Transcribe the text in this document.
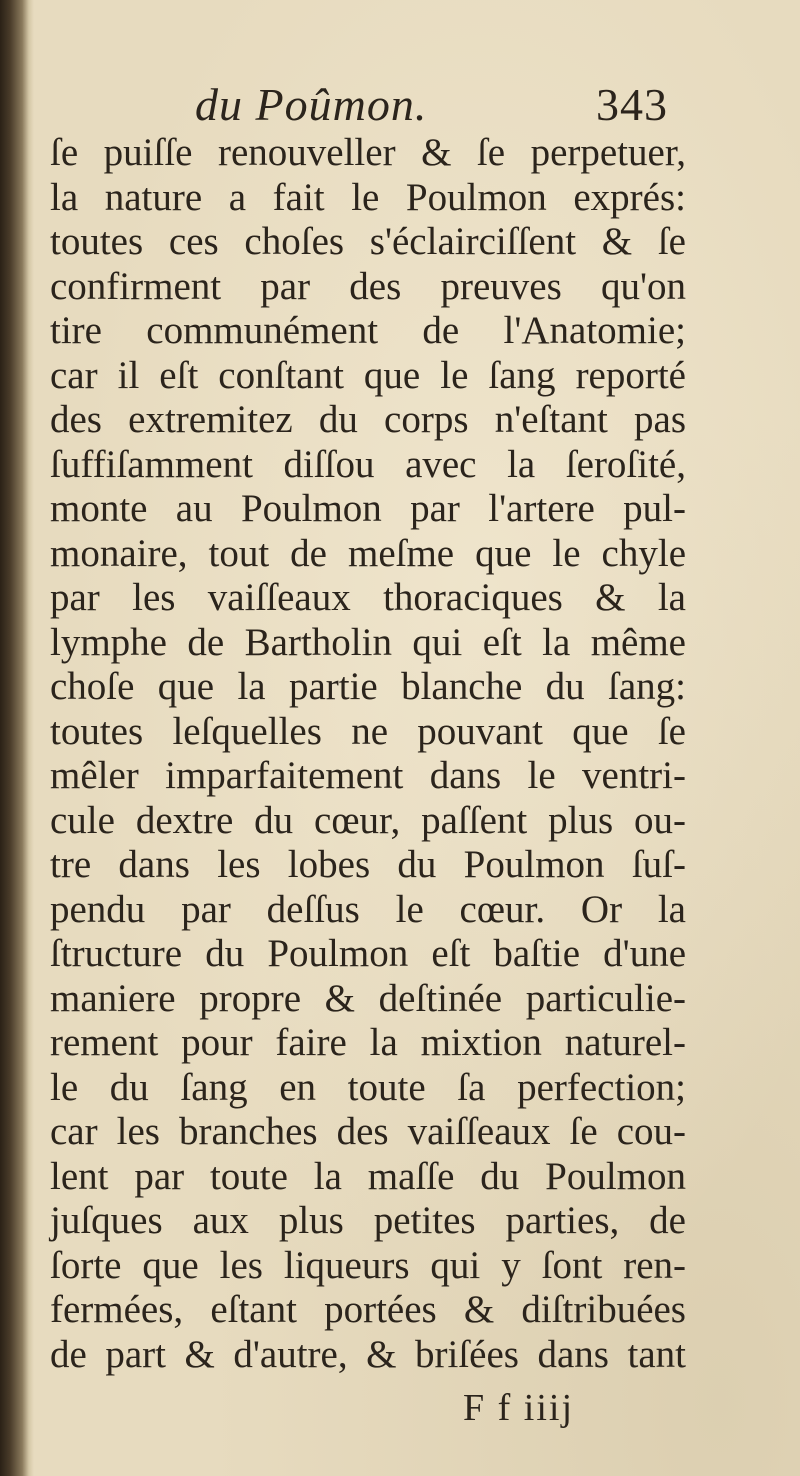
du Poûmon.	343
ſe puiſſe renouveller & ſe perpetuer,
la nature a fait le Poulmon exprés:
toutes ces choſes s'éclairciſſent & ſe
confirment par des preuves qu'on
tire communément de l'Anatomie;
car il eſt conſtant que le ſang reporté
des extremitez du corps n'eſtant pas
ſuffiſamment diſſou avec la ſeroſité,
monte au Poulmon par l'artere pul-
monaire, tout de meſme que le chyle
par les vaiſſeaux thoraciques & la
lymphe de Bartholin qui eſt la même
choſe que la partie blanche du ſang:
toutes leſquelles ne pouvant que ſe
mêler imparfaitement dans le ventri-
cule dextre du cœur, paſſent plus ou-
tre dans les lobes du Poulmon ſuſ-
pendu par deſſus le cœur. Or la
ſtructure du Poulmon eſt baſtie d'une
maniere propre & deſtinée particulie-
rement pour faire la mixtion naturel-
le du ſang en toute ſa perfection;
car les branches des vaiſſeaux ſe cou-
lent par toute la maſſe du Poulmon
juſques aux plus petites parties, de
ſorte que les liqueurs qui y ſont ren-
fermées, eſtant portées & diſtribuées
de part & d'autre, & briſées dans tant
F f iiij
